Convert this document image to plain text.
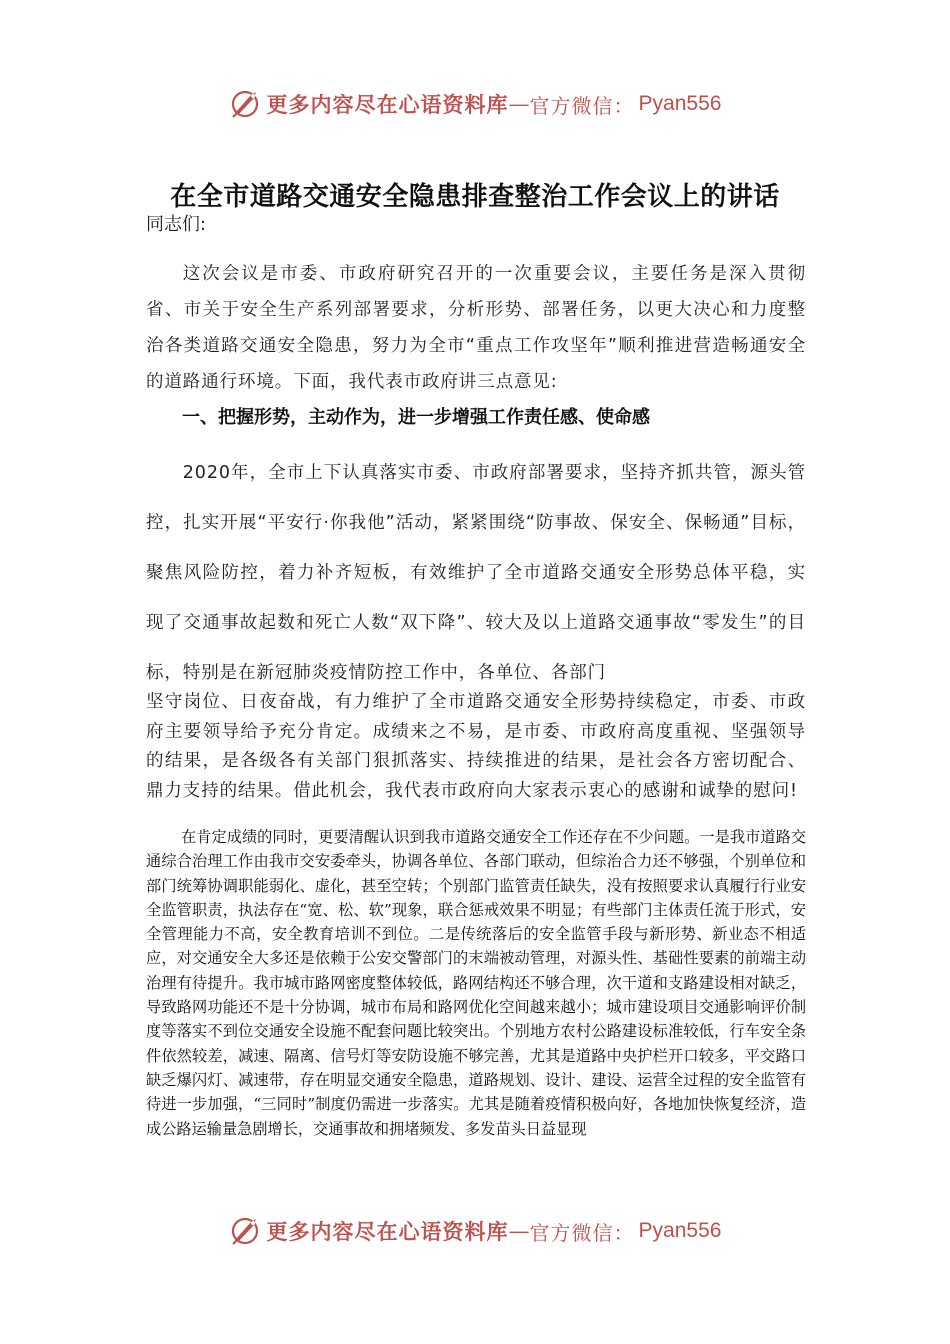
更多内容尽在心语资料库 — 官方微信： Pyan556
在全市道路交通安全隐患排查整治工作会议上的讲话
同志们:

这次会议是市委、市政府研究召开的一次重要会议，主要任务是深入贯彻省、市关于安全生产系列部署要求，分析形势、部署任务，以更大决心和力度整治各类道路交通安全隐患，努力为全市“重点工作攻坚年”顺利推进营造畅通安全的道路通行环境。下面，我代表市政府讲三点意见:

一、把握形势，主动作为，进一步增强工作责任感、使命感

2020年，全市上下认真落实市委、市政府部署要求，坚持齐抓共管，源头管控，扎实开展“平安行·你我他”活动，紧紧围绕“防事故、保安全、保畅通”目标，聚焦风险防控，着力补齐短板，有效维护了全市道路交通安全形势总体平稳，实现了交通事故起数和死亡人数“双下降”、较大及以上道路交通事故“零发生”的目标，特别是在新冠肺炎疫情防控工作中，各单位、各部门

坚守岗位、日夜奋战，有力维护了全市道路交通安全形势持续稳定，市委、市政府主要领导给予充分肯定。成绩来之不易，是市委、市政府高度重视、坚强领导的结果，是各级各有关部门狠抓落实、持续推进的结果，是社会各方密切配合、鼎力支持的结果。借此机会，我代表市政府向大家表示衷心的感谢和诚挚的慰问!

在肯定成绩的同时，更要清醒认识到我市道路交通安全工作还存在不少问题。一是我市道路交通综合治理工作由我市交安委牵头，协调各单位、各部门联动，但综治合力还不够强，个别单位和部门统筹协调职能弱化、虚化，甚至空转；个别部门监管责任缺失，没有按照要求认真履行行业安全监管职责，执法存在“宽、松、软”现象，联合惩戒效果不明显；有些部门主体责任流于形式，安全管理能力不高，安全教育培训不到位。二是传统落后的安全监管手段与新形势、新业态不相适应，对交通安全大多还是依赖于公安交警部门的末端被动管理，对源头性、基础性要素的前端主动治理有待提升。我市城市路网密度整体较低，路网结构还不够合理，次干道和支路建设相对缺乏，导致路网功能还不是十分协调，城市布局和路网优化空间越来越小；城市建设项目交通影响评价制度等落实不到位交通安全设施不配套问题比较突出。个别地方农村公路建设标准较低，行车安全条件依然较差，减速、隔离、信号灯等安防设施不够完善，尤其是道路中央护栏开口较多，平交路口缺乏爆闪灯、减速带，存在明显交通安全隐患，道路规划、设计、建设、运营全过程的安全监管有待进一步加强，“三同时”制度仍需进一步落实。尤其是随着疫情积极向好，各地加快恢复经济，造成公路运输量急剧增长，交通事故和拥堵频发、多发苗头日益显现

更多内容尽在心语资料库 — 官方微信： Pyan556
